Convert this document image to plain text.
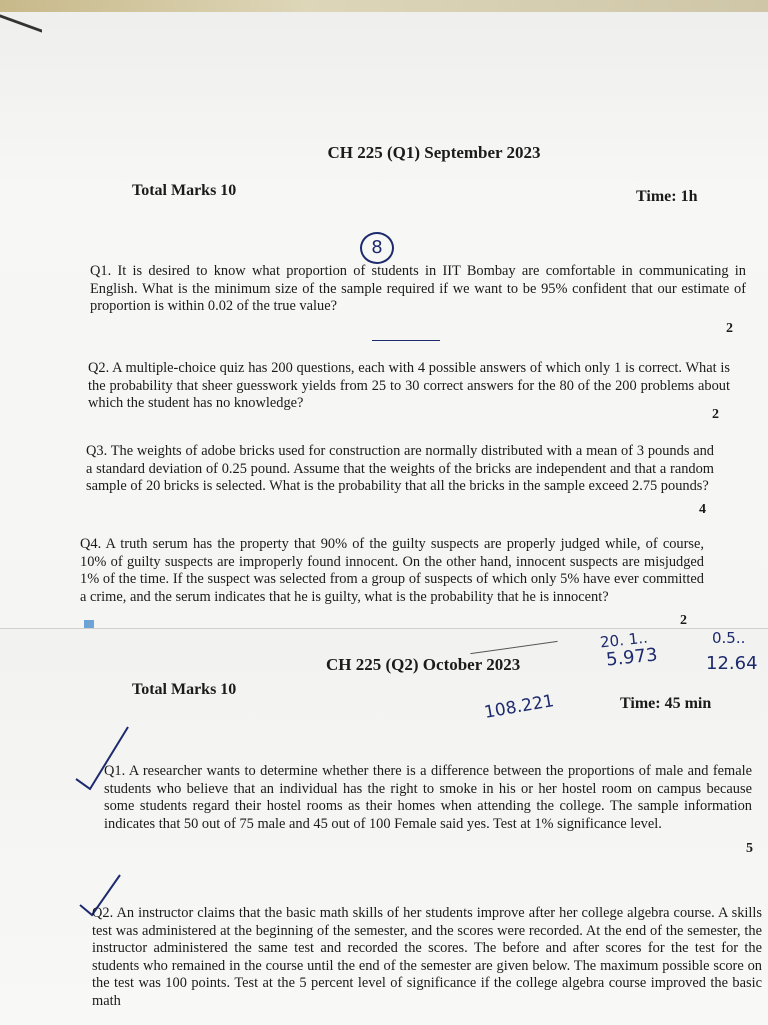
CH 225 (Q1) September 2023
Total Marks 10	Time: 1h
8
Q1. It is desired to know what proportion of students in IIT Bombay are comfortable in communicating in English. What is the minimum size of the sample required if we want to be 95% confident that our estimate of proportion is within 0.02 of the true value?
2
Q2. A multiple-choice quiz has 200 questions, each with 4 possible answers of which only 1 is correct. What is the probability that sheer guesswork yields from 25 to 30 correct answers for the 80 of the 200 problems about which the student has no knowledge?
2
Q3. The weights of adobe bricks used for construction are normally distributed with a mean of 3 pounds and a standard deviation of 0.25 pound. Assume that the weights of the bricks are independent and that a random sample of 20 bricks is selected. What is the probability that all the bricks in the sample exceed 2.75 pounds?
4
Q4. A truth serum has the property that 90% of the guilty suspects are properly judged while, of course, 10% of guilty suspects are improperly found innocent. On the other hand, innocent suspects are misjudged 1% of the time. If the suspect was selected from a group of suspects of which only 5% have ever committed a crime, and the serum indicates that he is guilty, what is the probability that he is innocent?
2
CH 225 (Q2) October 2023
20. 1..
5.973
0.5..
12.64
108.221
Total Marks 10
Time: 45 min
Q1. A researcher wants to determine whether there is a difference between the proportions of male and female students who believe that an individual has the right to smoke in his or her hostel room on campus because some students regard their hostel rooms as their homes when attending the college. The sample information indicates that 50 out of 75 male and 45 out of 100 Female said yes. Test at 1% significance level.
5
Q2. An instructor claims that the basic math skills of her students improve after her college algebra course. A skills test was administered at the beginning of the semester, and the scores were recorded. At the end of the semester, the instructor administered the same test and recorded the scores. The before and after scores for the test for the students who remained in the course until the end of the semester are given below. The maximum possible score on the test was 100 points. Test at the 5 percent level of significance if the college algebra course improved the basic math
